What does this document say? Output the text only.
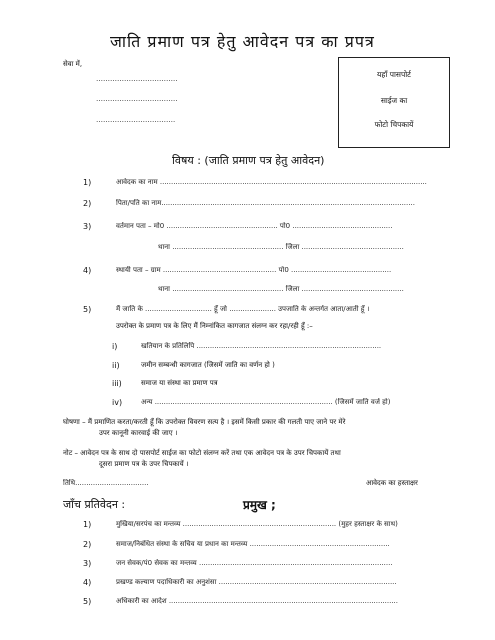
जाति प्रमाण पत्र हेतु आवेदन पत्र का प्रपत्र
सेवा में,
……………………………..
……………………………..
…………………………….
यहाँ पासपोर्ट
साईज का
फोटो चिपकायें
विषय : (जाति प्रमाण पत्र हेतु आवेदन)
1)	आवेदक का नाम ........................................................................................................................
2)	पिता/पति का नाम..................................................................................................................
3)	वर्तमान पता – मो0 .................................................. पो0 .............................................
थाना .................................................. जिला ..............................................
4)	स्थायी पता – ग्राम ................................................... पो0 .............................................
थाना .................................................. जिला ..............................................
5)	मैं जाति के .............................. हूँ जो ..................... उपजाति के अन्तर्गत आता/आती हूँ ।
उपरोक्त के प्रमाण पत्र के लिए मैं निम्नांकित कागजात संलग्न कर रहा/रही हूँ :–
i)	खतियान के प्रतिलिपि ...................................................................................
ii)	जमीन सम्बन्धी कागजात (जिसमें जाति का वर्णन हो )
iii)	समाज या संस्था का प्रमाण पत्र
iv)	अन्य ................................................................................ (जिसमें जाति वर्ज हो)
घोषणा – मैं प्रमाणित करता/करती हूँ कि उपरोक्त विवरण सत्य है । इसमें किसी प्रकार की गलती पाए जाने पर मेरे
उपर कानूनी कारवाई की जाए ।
नोट – आवेदन पत्र के साथ दो पासपोर्ट साईज का फोटो संलग्न करें तथा एक आवेदन पत्र के उपर चिपकायें तथा
दूसरा प्रमाण पत्र के उपर चिपकायें ।
तिथि.................................	आवेदक का हस्ताक्षर
जाँच प्रतिवेदन :	प्रमुख ;
1)	मुखिया/सरपंच का मन्तव्य ..................................................................... (मुहर हस्ताक्षर के साथ)
2)	समाज/निबंधित संस्था के सचिव या प्रधान का मन्तव्य ...............................................................
3)	जन सेवक/पं0 सेवक का मन्तव्य .......................................................................................
4)	प्रखण्ड कल्याण पदाधिकारी का अनुशंसा ................................................................................
5)	अधिकारी का आदेश .......................................................................................................
